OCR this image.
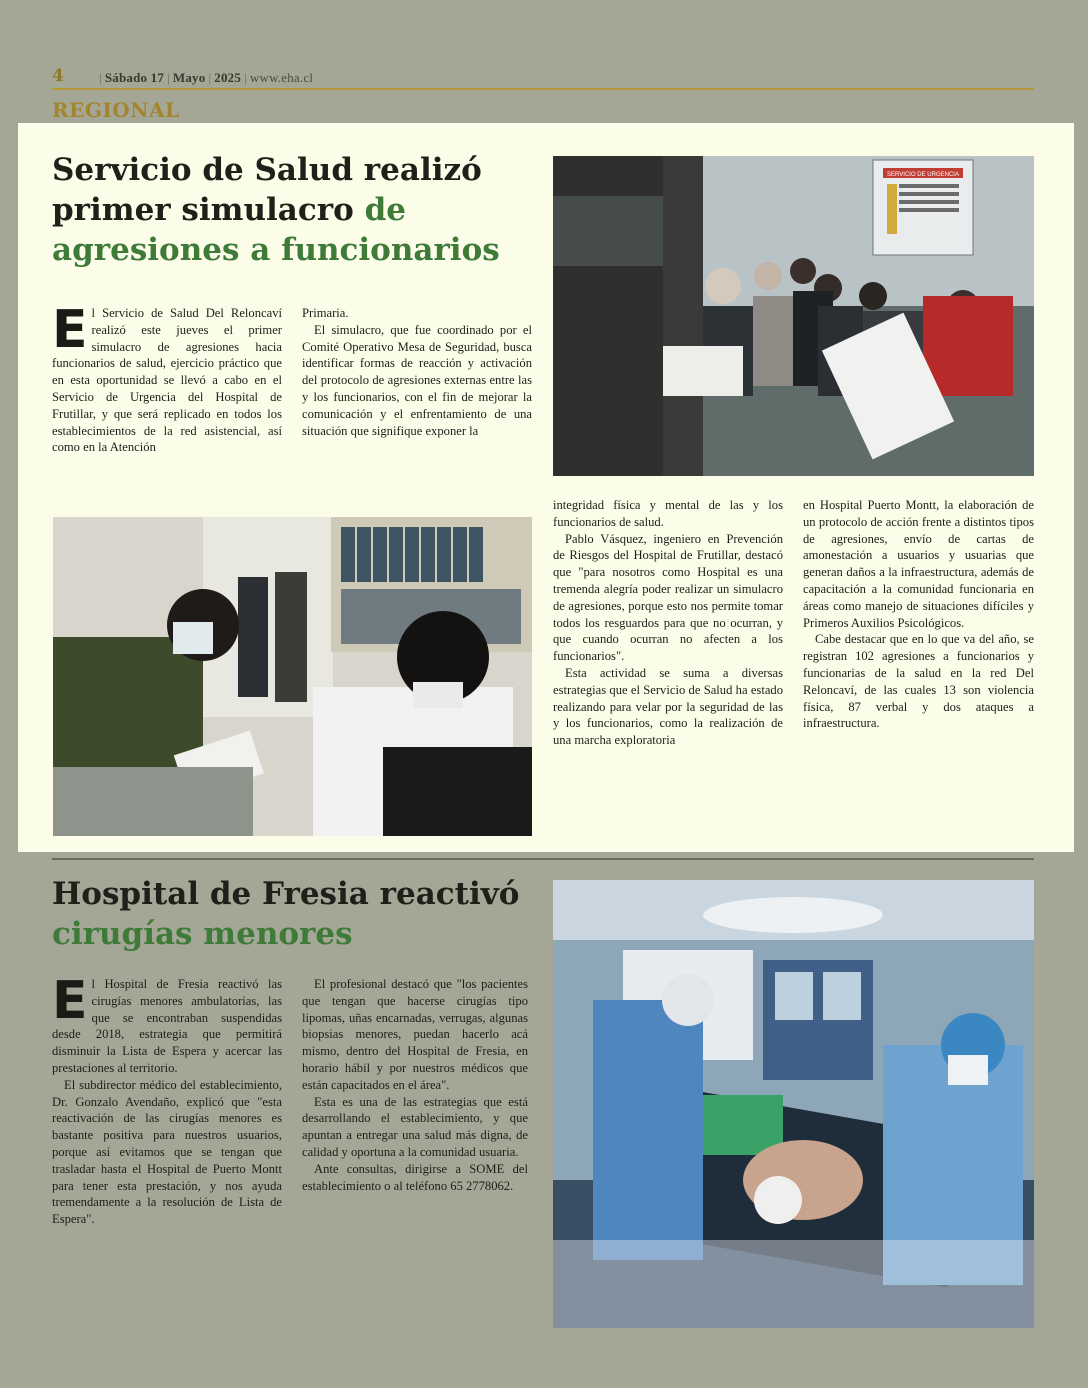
4	| Sábado 17 | Mayo | 2025 | www.eha.cl
REGIONAL
Servicio de Salud realizó primer simulacro de agresiones a funcionarios

El Servicio de Salud Del Reloncaví realizó este jueves el primer simulacro de agresiones hacia funcionarios de salud, ejercicio práctico que en esta oportunidad se llevó a cabo en el Servicio de Urgencia del Hospital de Frutillar, y que será replicado en todos los establecimientos de la red asistencial, así como en la Atención

Primaria.

El simulacro, que fue coordinado por el Comité Operativo Mesa de Seguridad, busca identificar formas de reacción y activación del protocolo de agresiones externas entre las y los funcionarios, con el fin de mejorar la comunicación y el enfrentamiento de una situación que signifique exponer la

integridad física y mental de las y los funcionarios de salud.

Pablo Vásquez, ingeniero en Prevención de Riesgos del Hospital de Frutillar, destacó que "para nosotros como Hospital es una tremenda alegría poder realizar un simulacro de agresiones, porque esto nos permite tomar todos los resguardos para que no ocurran, y que cuando ocurran no afecten a los funcionarios".

Esta actividad se suma a diversas estrategias que el Servicio de Salud ha estado realizando para velar por la seguridad de las y los funcionarios, como la realización de una marcha exploratoria

en Hospital Puerto Montt, la elaboración de un protocolo de acción frente a distintos tipos de agresiones, envío de cartas de amonestación a usuarios y usuarias que generan daños a la infraestructura, además de capacitación a la comunidad funcionaria en áreas como manejo de situaciones difíciles y Primeros Auxilios Psicológicos.

Cabe destacar que en lo que va del año, se registran 102 agresiones a funcionarios y funcionarias de la salud en la red Del Reloncaví, de las cuales 13 son violencia física, 87 verbal y dos ataques a infraestructura.

SERVICIO DE URGENCIA
Hospital de Fresia reactivó
cirugías menores

El Hospital de Fresia reactivó las cirugías menores ambulatorias, las que se encontraban suspendidas desde 2018, estrategia que permitirá disminuir la Lista de Espera y acercar las prestaciones al territorio.

El subdirector médico del establecimiento, Dr. Gonzalo Avendaño, explicó que "esta reactivación de las cirugías menores es bastante positiva para nuestros usuarios, porque así evitamos que se tengan que trasladar hasta el Hospital de Puerto Montt para tener esta prestación, y nos ayuda tremendamente a la resolución de Lista de Espera".

El profesional destacó que "los pacientes que tengan que hacerse cirugías tipo lipomas, uñas encarnadas, verrugas, algunas biopsias menores, puedan hacerlo acá mismo, dentro del Hospital de Fresia, en horario hábil y por nuestros médicos que están capacitados en el área".

Esta es una de las estrategias que está desarrollando el establecimiento, y que apuntan a entregar una salud más digna, de calidad y oportuna a la comunidad usuaria.

Ante consultas, dirigirse a SOME del establecimiento o al teléfono 65 2778062.
